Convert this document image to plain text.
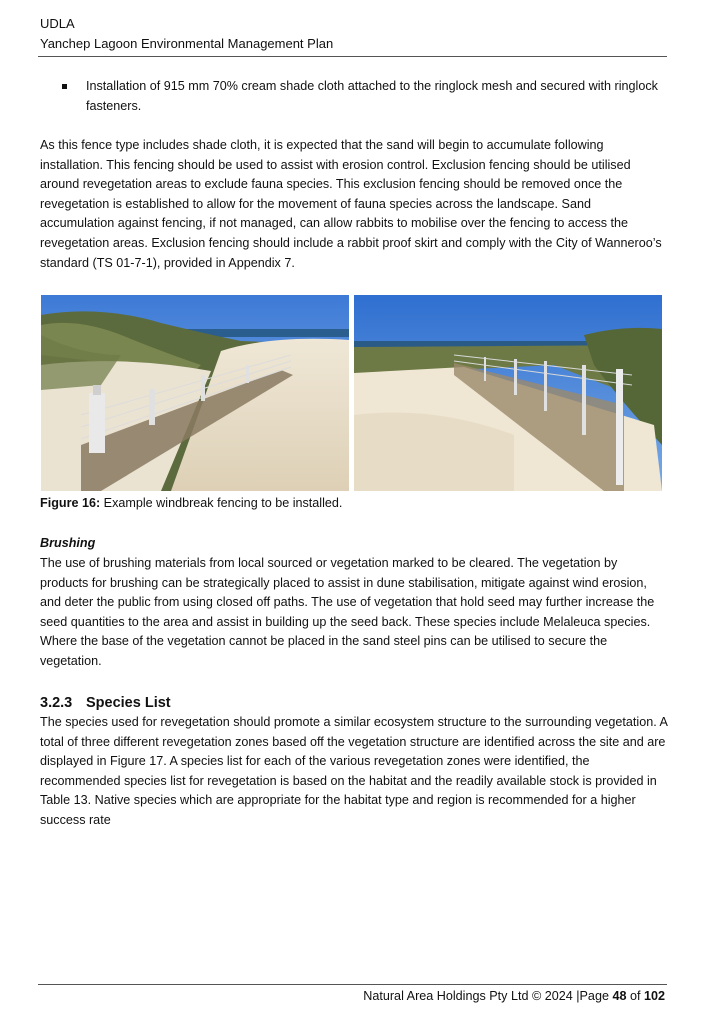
UDLA
Yanchep Lagoon Environmental Management Plan
Installation of 915 mm 70% cream shade cloth attached to the ringlock mesh and secured with ringlock fasteners.
As this fence type includes shade cloth, it is expected that the sand will begin to accumulate following installation. This fencing should be used to assist with erosion control. Exclusion fencing should be utilised around revegetation areas to exclude fauna species. This exclusion fencing should be removed once the revegetation is established to allow for the movement of fauna species across the landscape. Sand accumulation against fencing, if not managed, can allow rabbits to mobilise over the fencing to access the revegetation areas. Exclusion fencing should include a rabbit proof skirt and comply with the City of Wanneroo’s standard (TS 01-7-1), provided in Appendix 7.
Figure 16: Example windbreak fencing to be installed.
Brushing
The use of brushing materials from local sourced or vegetation marked to be cleared. The vegetation by products for brushing can be strategically placed to assist in dune stabilisation, mitigate against wind erosion, and deter the public from using closed off paths. The use of vegetation that hold seed may further increase the seed quantities to the area and assist in building up the seed back. These species include Melaleuca species. Where the base of the vegetation cannot be placed in the sand steel pins can be utilised to secure the vegetation.
3.2.3 Species List
The species used for revegetation should promote a similar ecosystem structure to the surrounding vegetation. A total of three different revegetation zones based off the vegetation structure are identified across the site and are displayed in Figure 17. A species list for each of the various revegetation zones were identified, the recommended species list for revegetation is based on the habitat and the readily available stock is provided in Table 13. Native species which are appropriate for the habitat type and region is recommended for a higher success rate
Natural Area Holdings Pty Ltd © 2024 |Page 48 of 102
